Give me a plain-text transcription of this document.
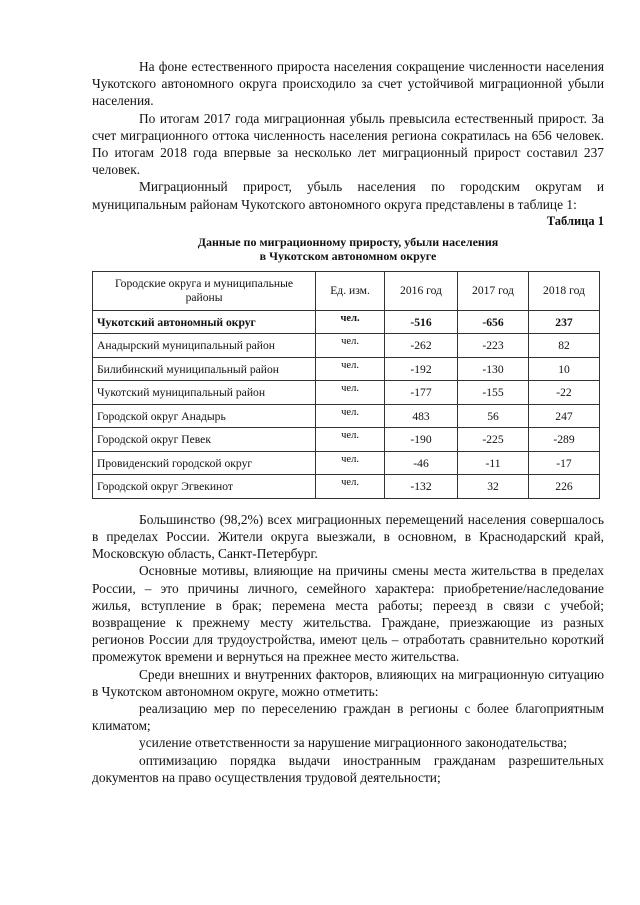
На фоне естественного прироста населения сокращение численности населения Чукотского автономного округа происходило за счет устойчивой миграционной убыли населения.

По итогам 2017 года миграционная убыль превысила естественный прирост. За счет миграционного оттока численность населения региона сократилась на 656 человек. По итогам 2018 года впервые за несколько лет миграционный прирост составил 237 человек.

Миграционный прирост, убыль населения по городским округам и муниципальным районам Чукотского автономного округа представлены в таблице 1:

Таблица 1
Данные по миграционному приросту, убыли населения
в Чукотском автономном округе
Городские округа и муниципальные районы	Ед. изм.	2016 год	2017 год	2018 год
Чукотский автономный округ	чел.	-516	-656	237
Анадырский муниципальный район	чел.	-262	-223	82
Билибинский муниципальный район	чел.	-192	-130	10
Чукотский муниципальный район	чел.	-177	-155	-22
Городской округ Анадырь	чел.	483	56	247
Городской округ Певек	чел.	-190	-225	-289
Провиденский городской округ	чел.	-46	-11	-17
Городской округ Эгвекинот	чел.	-132	32	226

Большинство (98,2%) всех миграционных перемещений населения совершалось в пределах России. Жители округа выезжали, в основном, в Краснодарский край, Московскую область, Санкт-Петербург.

Основные мотивы, влияющие на причины смены места жительства в пределах России, – это причины личного, семейного характера: приобретение/наследование жилья, вступление в брак; перемена места работы; переезд в связи с учебой; возвращение к прежнему месту жительства. Граждане, приезжающие из разных регионов России для трудоустройства, имеют цель – отработать сравнительно короткий промежуток времени и вернуться на прежнее место жительства.

Среди внешних и внутренних факторов, влияющих на миграционную ситуацию в Чукотском автономном округе, можно отметить:

реализацию мер по переселению граждан в регионы с более благоприятным климатом;

усиление ответственности за нарушение миграционного законодательства;

оптимизацию порядка выдачи иностранным гражданам разрешительных документов на право осуществления трудовой деятельности;
